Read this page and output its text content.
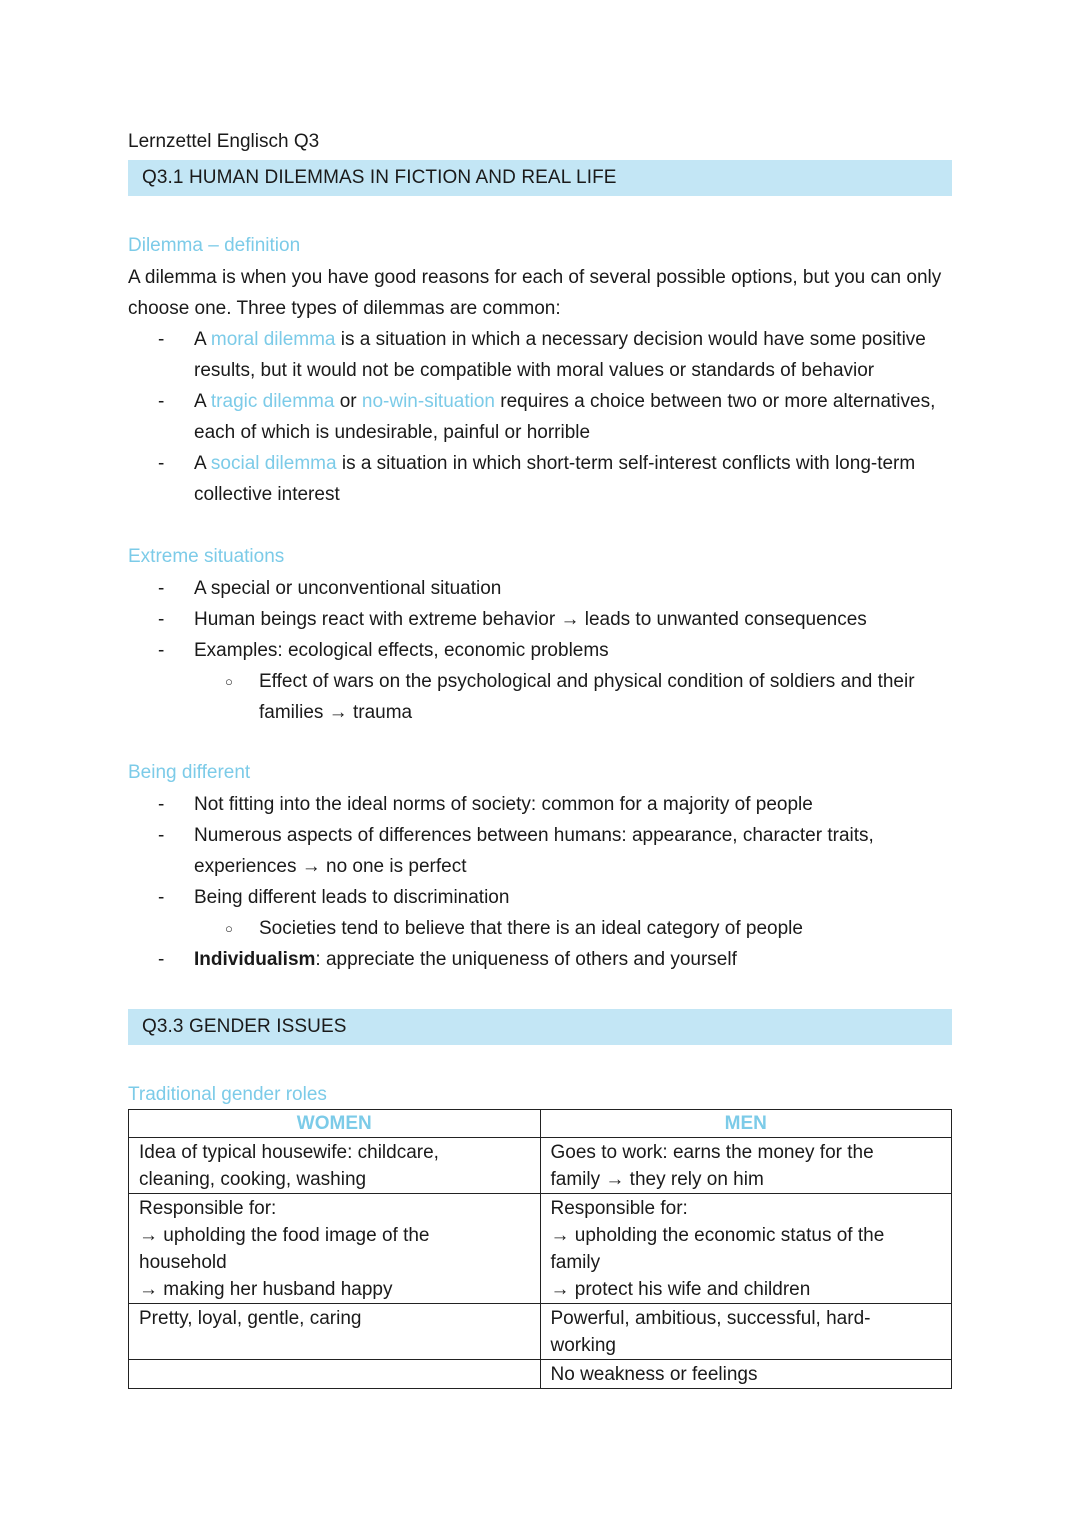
Lernzettel Englisch Q3
Q3.1 HUMAN DILEMMAS IN FICTION AND REAL LIFE
Dilemma – definition

A dilemma is when you have good reasons for each of several possible options, but you can only choose one. Three types of dilemmas are common:

- A moral dilemma is a situation in which a necessary decision would have some positive results, but it would not be compatible with moral values or standards of behavior
- A tragic dilemma or no-win-situation requires a choice between two or more alternatives, each of which is undesirable, painful or horrible
- A social dilemma is a situation in which short-term self-interest conflicts with long-term collective interest
Extreme situations
- A special or unconventional situation
- Human beings react with extreme behavior → leads to unwanted consequences
- Examples: ecological effects, economic problems
○ Effect of wars on the psychological and physical condition of soldiers and their families → trauma
Being different
- Not fitting into the ideal norms of society: common for a majority of people
- Numerous aspects of differences between humans: appearance, character traits, experiences → no one is perfect
- Being different leads to discrimination
○ Societies tend to believe that there is an ideal category of people
- Individualism: appreciate the uniqueness of others and yourself
Q3.3 GENDER ISSUES
Traditional gender roles
WOMEN	MEN

Idea of typical housewife: childcare,
cleaning, cooking, washing	Goes to work: earns the money for the
family → they rely on him

Responsible for:
→ upholding the food image of the
household
→ making her husband happy	Responsible for:
→ upholding the economic status of the
family
→ protect his wife and children

Pretty, loyal, gentle, caring	Powerful, ambitious, successful, hard-
working

	No weakness or feelings
